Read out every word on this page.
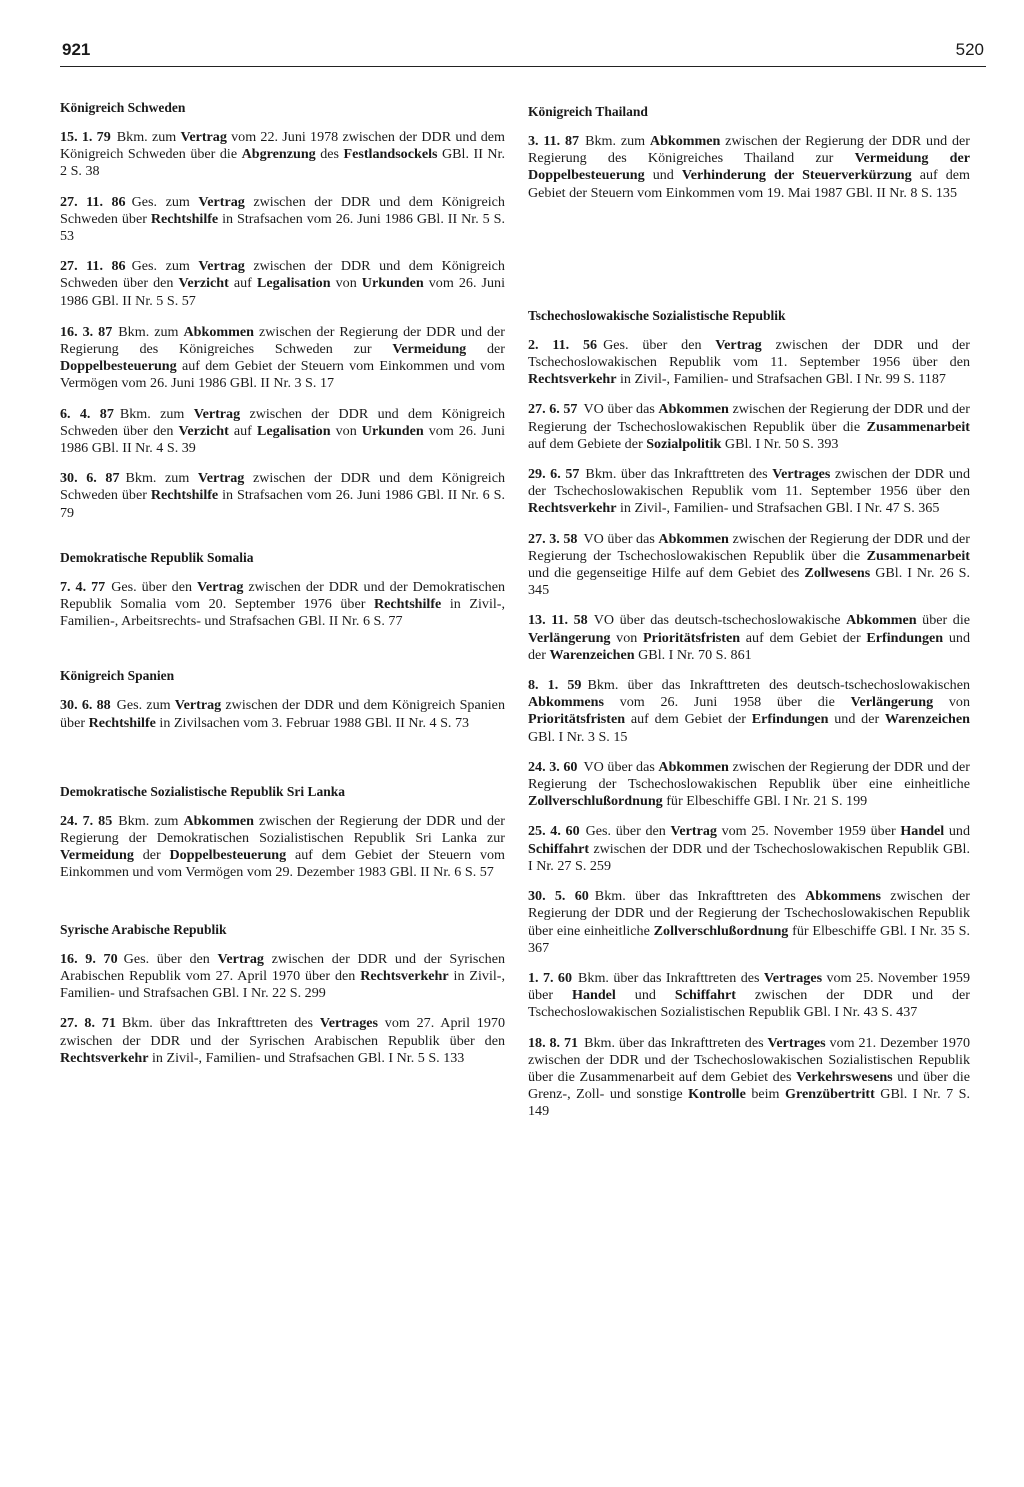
921	520
Königreich Schweden
15. 1. 79 Bkm. zum Vertrag vom 22. Juni 1978 zwischen der DDR und dem Königreich Schweden über die Abgrenzung des Festlandsockels GBl. II Nr. 2 S. 38
27. 11. 86 Ges. zum Vertrag zwischen der DDR und dem Königreich Schweden über Rechtshilfe in Strafsachen vom 26. Juni 1986 GBl. II Nr. 5 S. 53
27. 11. 86 Ges. zum Vertrag zwischen der DDR und dem Königreich Schweden über den Verzicht auf Legalisation von Urkunden vom 26. Juni 1986 GBl. II Nr. 5 S. 57
16. 3. 87 Bkm. zum Abkommen zwischen der Regierung der DDR und der Regierung des Königreiches Schweden zur Vermeidung der Doppelbesteuerung auf dem Gebiet der Steuern vom Einkommen und vom Vermögen vom 26. Juni 1986 GBl. II Nr. 3 S. 17
6. 4. 87 Bkm. zum Vertrag zwischen der DDR und dem Königreich Schweden über den Verzicht auf Legalisation von Urkunden vom 26. Juni 1986 GBl. II Nr. 4 S. 39
30. 6. 87 Bkm. zum Vertrag zwischen der DDR und dem Königreich Schweden über Rechtshilfe in Strafsachen vom 26. Juni 1986 GBl. II Nr. 6 S. 79
Demokratische Republik Somalia
7. 4. 77 Ges. über den Vertrag zwischen der DDR und der Demokratischen Republik Somalia vom 20. September 1976 über Rechtshilfe in Zivil-, Familien-, Arbeitsrechts- und Strafsachen GBl. II Nr. 6 S. 77
Königreich Spanien
30. 6. 88 Ges. zum Vertrag zwischen der DDR und dem Königreich Spanien über Rechtshilfe in Zivilsachen vom 3. Februar 1988 GBl. II Nr. 4 S. 73
Demokratische Sozialistische Republik Sri Lanka
24. 7. 85 Bkm. zum Abkommen zwischen der Regierung der DDR und der Regierung der Demokratischen Sozialistischen Republik Sri Lanka zur Vermeidung der Doppelbesteuerung auf dem Gebiet der Steuern vom Einkommen und vom Vermögen vom 29. Dezember 1983 GBl. II Nr. 6 S. 57
Syrische Arabische Republik
16. 9. 70 Ges. über den Vertrag zwischen der DDR und der Syrischen Arabischen Republik vom 27. April 1970 über den Rechtsverkehr in Zivil-, Familien- und Strafsachen GBl. I Nr. 22 S. 299
27. 8. 71 Bkm. über das Inkrafttreten des Vertrages vom 27. April 1970 zwischen der DDR und der Syrischen Arabischen Republik über den Rechtsverkehr in Zivil-, Familien- und Strafsachen GBl. I Nr. 5 S. 133
Königreich Thailand
3. 11. 87 Bkm. zum Abkommen zwischen der Regierung der DDR und der Regierung des Königreiches Thailand zur Vermeidung der Doppelbesteuerung und Verhinderung der Steuerverkürzung auf dem Gebiet der Steuern vom Einkommen vom 19. Mai 1987 GBl. II Nr. 8 S. 135
Tschechoslowakische Sozialistische Republik
2. 11. 56 Ges. über den Vertrag zwischen der DDR und der Tschechoslowakischen Republik vom 11. September 1956 über den Rechtsverkehr in Zivil-, Familien- und Strafsachen GBl. I Nr. 99 S. 1187
27. 6. 57 VO über das Abkommen zwischen der Regierung der DDR und der Regierung der Tschechoslowakischen Republik über die Zusammenarbeit auf dem Gebiete der Sozialpolitik GBl. I Nr. 50 S. 393
29. 6. 57 Bkm. über das Inkrafttreten des Vertrages zwischen der DDR und der Tschechoslowakischen Republik vom 11. September 1956 über den Rechtsverkehr in Zivil-, Familien- und Strafsachen GBl. I Nr. 47 S. 365
27. 3. 58 VO über das Abkommen zwischen der Regierung der DDR und der Regierung der Tschechoslowakischen Republik über die Zusammenarbeit und die gegenseitige Hilfe auf dem Gebiet des Zollwesens GBl. I Nr. 26 S. 345
13. 11. 58 VO über das deutsch-tschechoslowakische Abkommen über die Verlängerung von Prioritätsfristen auf dem Gebiet der Erfindungen und der Warenzeichen GBl. I Nr. 70 S. 861
8. 1. 59 Bkm. über das Inkrafttreten des deutsch-tschechoslowakischen Abkommens vom 26. Juni 1958 über die Verlängerung von Prioritätsfristen auf dem Gebiet der Erfindungen und der Warenzeichen GBl. I Nr. 3 S. 15
24. 3. 60 VO über das Abkommen zwischen der Regierung der DDR und der Regierung der Tschechoslowakischen Republik über eine einheitliche Zollverschlußordnung für Elbeschiffe GBl. I Nr. 21 S. 199
25. 4. 60 Ges. über den Vertrag vom 25. November 1959 über Handel und Schiffahrt zwischen der DDR und der Tschechoslowakischen Republik GBl. I Nr. 27 S. 259
30. 5. 60 Bkm. über das Inkrafttreten des Abkommens zwischen der Regierung der DDR und der Regierung der Tschechoslowakischen Republik über eine einheitliche Zollverschlußordnung für Elbeschiffe GBl. I Nr. 35 S. 367
1. 7. 60 Bkm. über das Inkrafttreten des Vertrages vom 25. November 1959 über Handel und Schiffahrt zwischen der DDR und der Tschechoslowakischen Sozialistischen Republik GBl. I Nr. 43 S. 437
18. 8. 71 Bkm. über das Inkrafttreten des Vertrages vom 21. Dezember 1970 zwischen der DDR und der Tschechoslowakischen Sozialistischen Republik über die Zusammenarbeit auf dem Gebiet des Verkehrswesens und über die Grenz-, Zoll- und sonstige Kontrolle beim Grenzübertritt GBl. I Nr. 7 S. 149
